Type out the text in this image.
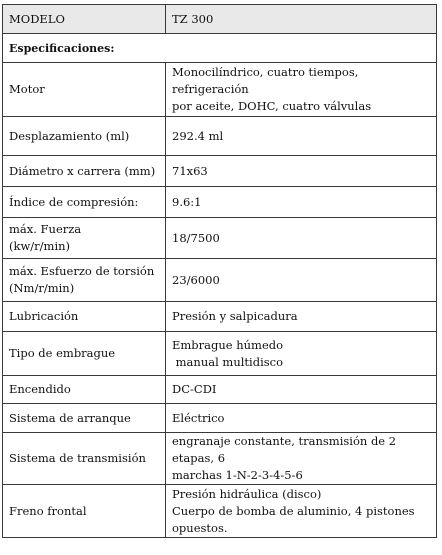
MODELO	TZ 300
Especificaciones:	

Motor	Monocilíndrico, cuatro tiempos, refrigeración
por aceite, DOHC, cuatro válvulas

Desplazamiento (ml)	292.4 ml

Diámetro x carrera (mm)	71x63

Índice de compresión:	9.6:1

máx. Fuerza
(kw/r/min)	18/7500

máx. Esfuerzo de torsión
(Nm/r/min)	23/6000

Lubricación	Presión y salpicadura

Tipo de embrague	Embrague húmedo
manual multidisco

Encendido	DC-CDI

Sistema de arranque	Eléctrico

Sistema de transmisión	engranaje constante, transmisión de 2 etapas, 6
marchas 1-N-2-3-4-5-6

Freno frontal	Presión hidráulica (disco)
Cuerpo de bomba de aluminio, 4 pistones
opuestos.
